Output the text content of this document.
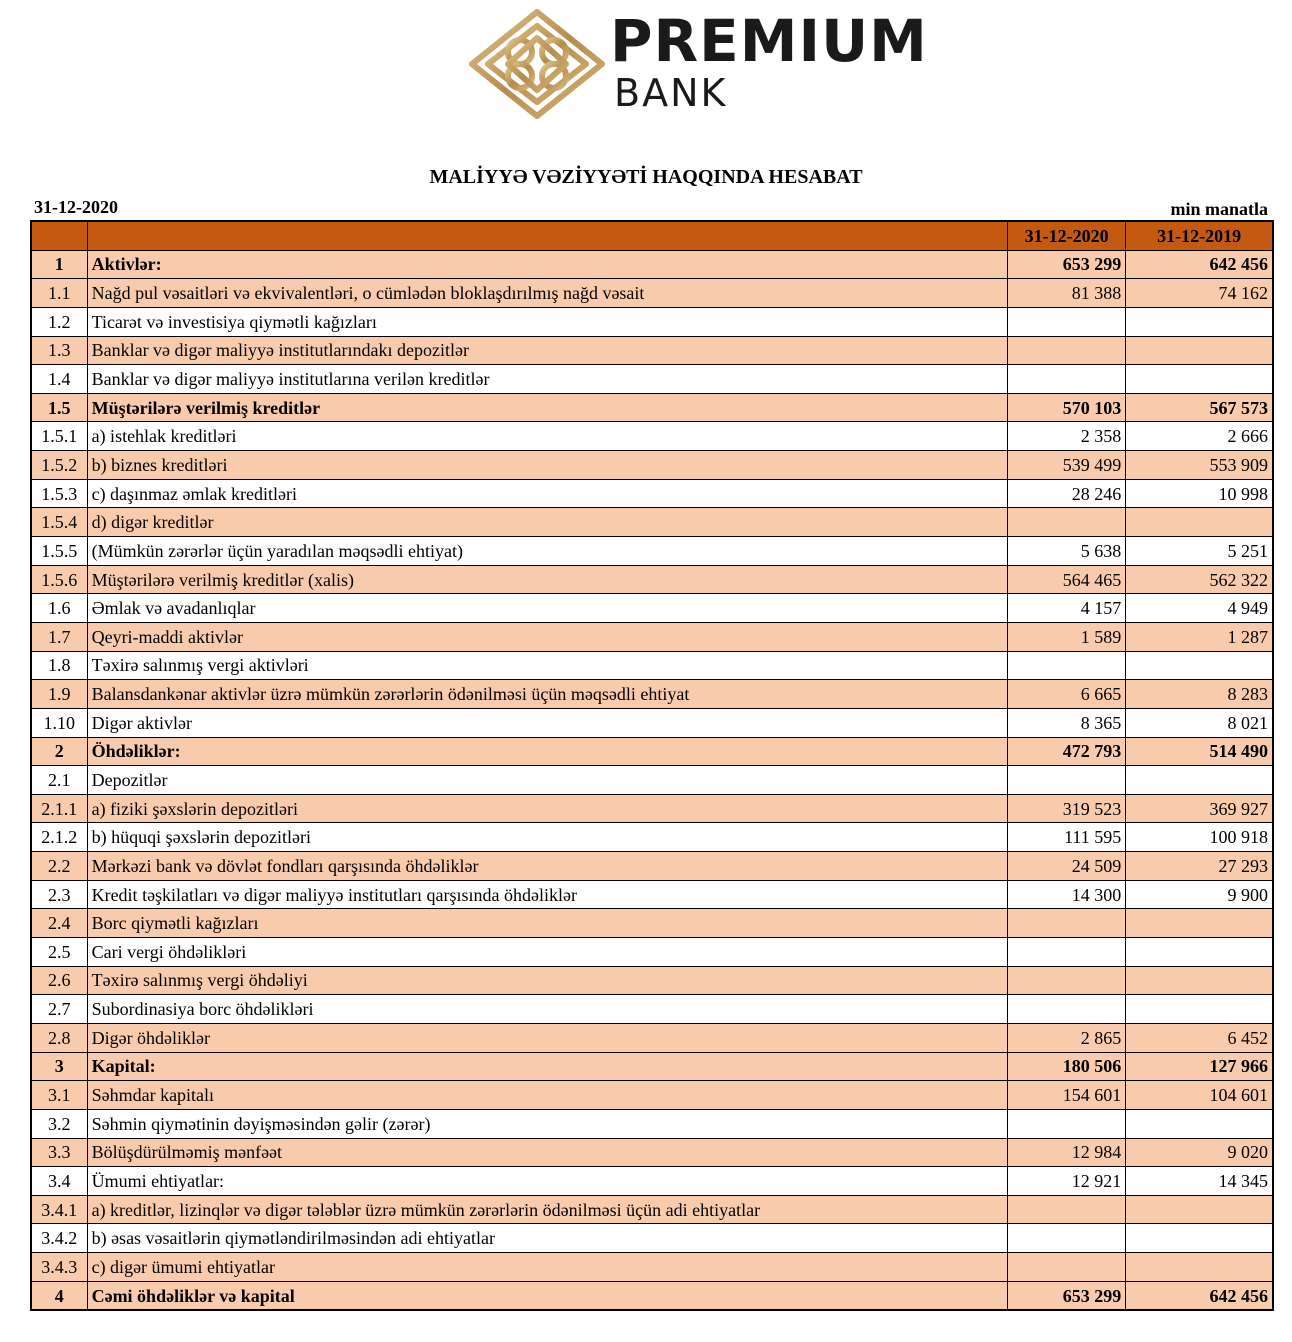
PREMIUM
BANK
MALİYYƏ VƏZİYYƏTİ HAQQINDA HESABAT
31-12-2020	min manatla
		31-12-2020	31-12-2019
1	Aktivlər:	653 299	642 456
1.1	Nağd pul vəsaitləri və ekvivalentləri, o cümlədən bloklaşdırılmış nağd vəsait	81 388	74 162
1.2	Ticarət və investisiya qiymətli kağızları		
1.3	Banklar və digər maliyyə institutlarındakı depozitlər		
1.4	Banklar və digər maliyyə institutlarına verilən kreditlər		
1.5	Müştərilərə verilmiş kreditlər	570 103	567 573
1.5.1	a) istehlak kreditləri	2 358	2 666
1.5.2	b) biznes kreditləri	539 499	553 909
1.5.3	c) daşınmaz əmlak kreditləri	28 246	10 998
1.5.4	d) digər kreditlər		
1.5.5	(Mümkün zərərlər üçün yaradılan məqsədli ehtiyat)	5 638	5 251
1.5.6	Müştərilərə verilmiş kreditlər (xalis)	564 465	562 322
1.6	Əmlak və avadanlıqlar	4 157	4 949
1.7	Qeyri-maddi aktivlər	1 589	1 287
1.8	Təxirə salınmış vergi aktivləri		
1.9	Balansdankənar aktivlər üzrə mümkün zərərlərin ödənilməsi üçün məqsədli ehtiyat	6 665	8 283
1.10	Digər aktivlər	8 365	8 021
2	Öhdəliklər:	472 793	514 490
2.1	Depozitlər		
2.1.1	a) fiziki şəxslərin depozitləri	319 523	369 927
2.1.2	b) hüquqi şəxslərin depozitləri	111 595	100 918
2.2	Mərkəzi bank və dövlət fondları qarşısında öhdəliklər	24 509	27 293
2.3	Kredit təşkilatları və digər maliyyə institutları qarşısında öhdəliklər	14 300	9 900
2.4	Borc qiymətli kağızları		
2.5	Cari vergi öhdəlikləri		
2.6	Təxirə salınmış vergi öhdəliyi		
2.7	Subordinasiya borc öhdəlikləri		
2.8	Digər öhdəliklər	2 865	6 452
3	Kapital:	180 506	127 966
3.1	Səhmdar kapitalı	154 601	104 601
3.2	Səhmin qiymətinin dəyişməsindən gəlir (zərər)		
3.3	Bölüşdürülməmiş mənfəət	12 984	9 020
3.4	Ümumi ehtiyatlar:	12 921	14 345
3.4.1	a) kreditlər, lizinqlər və digər tələblər üzrə mümkün zərərlərin ödənilməsi üçün adi ehtiyatlar		
3.4.2	b) əsas vəsaitlərin qiymətləndirilməsindən adi ehtiyatlar		
3.4.3	c) digər ümumi ehtiyatlar		
4	Cəmi öhdəliklər və kapital	653 299	642 456
